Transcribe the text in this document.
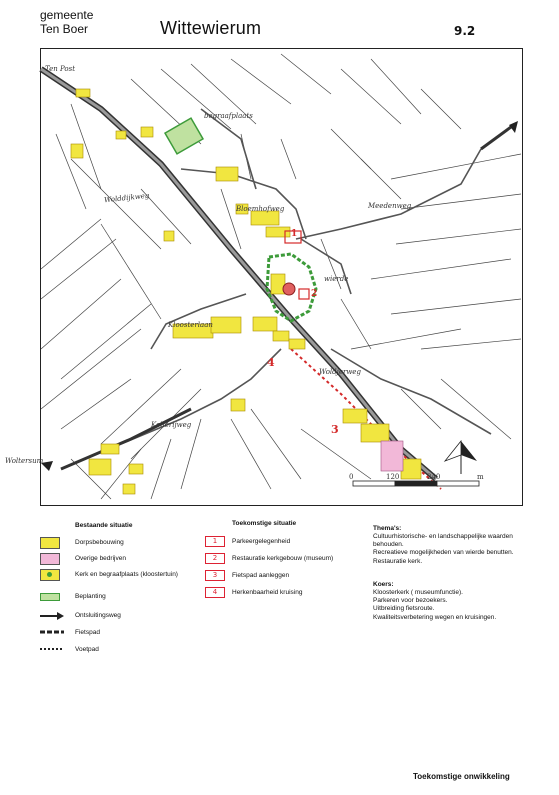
gemeente
Ten Boer	Wittewierum	9.2
Ten Post
begraafplaats
Wolddijkweg
Bloemhofweg	Meedenweg
wierde
Kloosterlaan
Woldjerweg
Kollerijweg
Woltersum
1
2
3
4
0	120	240	m
Bestaande situatie
Dorpsbebouwing
Overige bedrijven
Kerk en begraafplaats (kloostertuin)
Beplanting
Ontsluitingsweg
Fietspad
Voetpad
Toekomstige situatie
1	Parkeergelegenheid
2	Restauratie kerkgebouw (museum)
3	Fietspad aanleggen
4	Herkenbaarheid kruising
Thema's:
Cultuurhistorische- en landschappelijke waarden
behouden.
Recreatieve mogelijkheden van wierde benutten.
Restauratie kerk.
Koers:
Kloosterkerk ( museumfunctie).
Parkeren voor bezoekers.
Uitbreiding fietsroute.
Kwaliteitsverbetering wegen en kruisingen.
Toekomstige onwikkeling
